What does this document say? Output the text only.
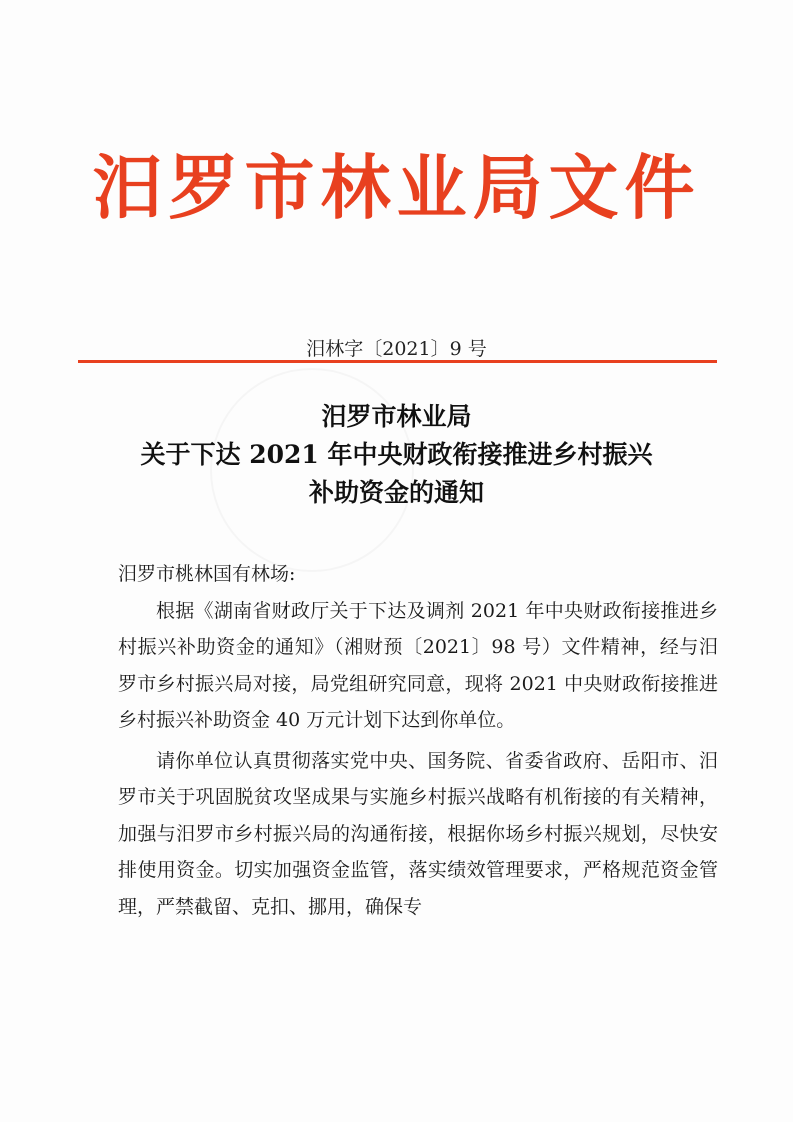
汨罗市林业局文件
汨林字〔2021〕9 号
汨罗市林业局
关于下达 2021 年中央财政衔接推进乡村振兴
补助资金的通知

汨罗市桃林国有林场:

根据《湖南省财政厅关于下达及调剂 2021 年中央财政衔接推进乡村振兴补助资金的通知》（湘财预〔2021〕98 号）文件精神，经与汨罗市乡村振兴局对接，局党组研究同意，现将 2021 中央财政衔接推进乡村振兴补助资金 40 万元计划下达到你单位。

请你单位认真贯彻落实党中央、国务院、省委省政府、岳阳市、汨罗市关于巩固脱贫攻坚成果与实施乡村振兴战略有机衔接的有关精神，加强与汨罗市乡村振兴局的沟通衔接，根据你场乡村振兴规划，尽快安排使用资金。切实加强资金监管，落实绩效管理要求，严格规范资金管理，严禁截留、克扣、挪用，确保专
